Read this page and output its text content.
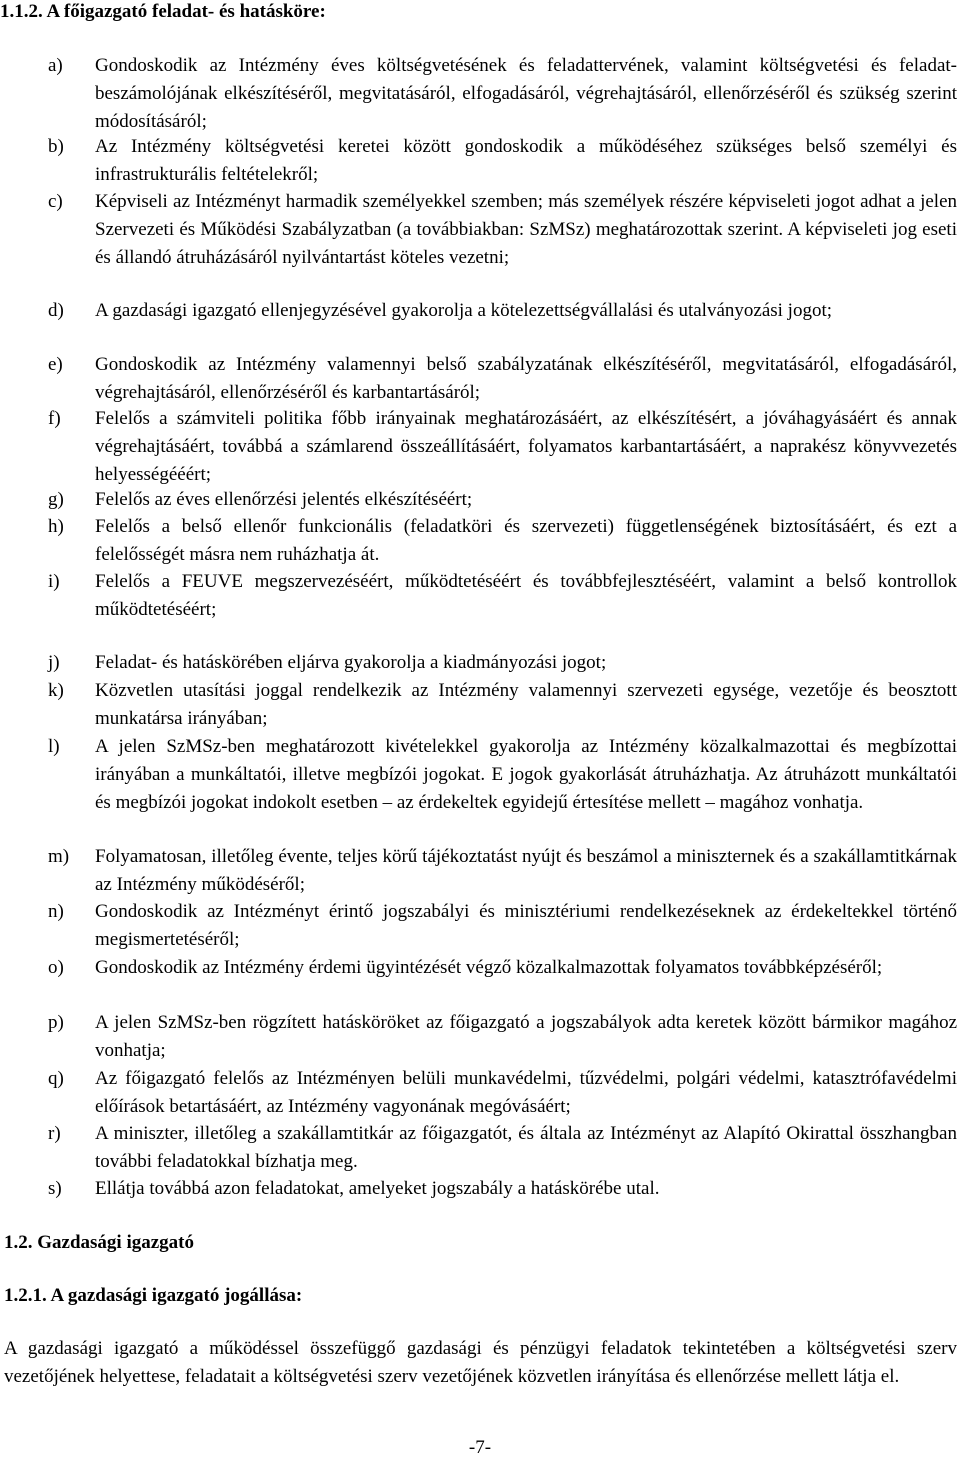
1.1.2. A főigazgató feladat- és hatásköre:
a)	Gondoskodik az Intézmény éves költségvetésének és feladattervének, valamint költségvetési és feladat-beszámolójának elkészítéséről, megvitatásáról, elfogadásáról, végrehajtásáról, ellenőrzéséről és szükség szerint módosításáról;
b)	Az Intézmény költségvetési keretei között gondoskodik a működéséhez szükséges belső személyi és infrastrukturális feltételekről;
c)	Képviseli az Intézményt harmadik személyekkel szemben; más személyek részére képviseleti jogot adhat a jelen Szervezeti és Működési Szabályzatban (a továbbiakban: SzMSz) meghatározottak szerint. A képviseleti jog eseti és állandó átruházásáról nyilvántartást köteles vezetni;
d)	A gazdasági igazgató ellenjegyzésével gyakorolja a kötelezettségvállalási és utalványozási jogot;
e)	Gondoskodik az Intézmény valamennyi belső szabályzatának elkészítéséről, megvitatásáról, elfogadásáról, végrehajtásáról, ellenőrzéséről és karbantartásáról;
f)	Felelős a számviteli politika főbb irányainak meghatározásáért, az elkészítésért, a jóváhagyásáért és annak végrehajtásáért, továbbá a számlarend összeállításáért, folyamatos karbantartásáért, a naprakész könyvvezetés helyességééért;
g)	Felelős az éves ellenőrzési jelentés elkészítéséért;
h)	Felelős a belső ellenőr funkcionális (feladatköri és szervezeti) függetlenségének biztosításáért, és ezt a felelősségét másra nem ruházhatja át.
i)	Felelős a FEUVE megszervezéséért, működtetéséért és továbbfejlesztéséért, valamint a belső kontrollok működtetéséért;
j)	Feladat- és hatáskörében eljárva gyakorolja a kiadmányozási jogot;
k)	Közvetlen utasítási joggal rendelkezik az Intézmény valamennyi szervezeti egysége, vezetője és beosztott munkatársa irányában;
l)	A jelen SzMSz-ben meghatározott kivételekkel gyakorolja az Intézmény közalkalmazottai és megbízottai irányában a munkáltatói, illetve megbízói jogokat. E jogok gyakorlását átruházhatja. Az átruházott munkáltatói és megbízói jogokat indokolt esetben – az érdekeltek egyidejű értesítése mellett – magához vonhatja.
m)	Folyamatosan, illetőleg évente, teljes körű tájékoztatást nyújt és beszámol a miniszternek és a szakállamtitkárnak az Intézmény működéséről;
n)	Gondoskodik az Intézményt érintő jogszabályi és minisztériumi rendelkezéseknek az érdekeltekkel történő megismertetéséről;
o)	Gondoskodik az Intézmény érdemi ügyintézését végző közalkalmazottak folyamatos továbbképzéséről;
p)	A jelen SzMSz-ben rögzített hatásköröket az főigazgató a jogszabályok adta keretek között bármikor magához vonhatja;
q)	Az főigazgató felelős az Intézményen belüli munkavédelmi, tűzvédelmi, polgári védelmi, katasztrófavédelmi előírások betartásáért, az Intézmény vagyonának megóvásáért;
r)	A miniszter, illetőleg a szakállamtitkár az főigazgatót, és általa az Intézményt az Alapító Okirattal összhangban további feladatokkal bízhatja meg.
s)	Ellátja továbbá azon feladatokat, amelyeket jogszabály a hatáskörébe utal.
1.2. Gazdasági igazgató
1.2.1. A gazdasági igazgató jogállása:
A gazdasági igazgató a működéssel összefüggő gazdasági és pénzügyi feladatok tekintetében a költségvetési szerv vezetőjének helyettese, feladatait a költségvetési szerv vezetőjének közvetlen irányítása és ellenőrzése mellett látja el.
-7-
